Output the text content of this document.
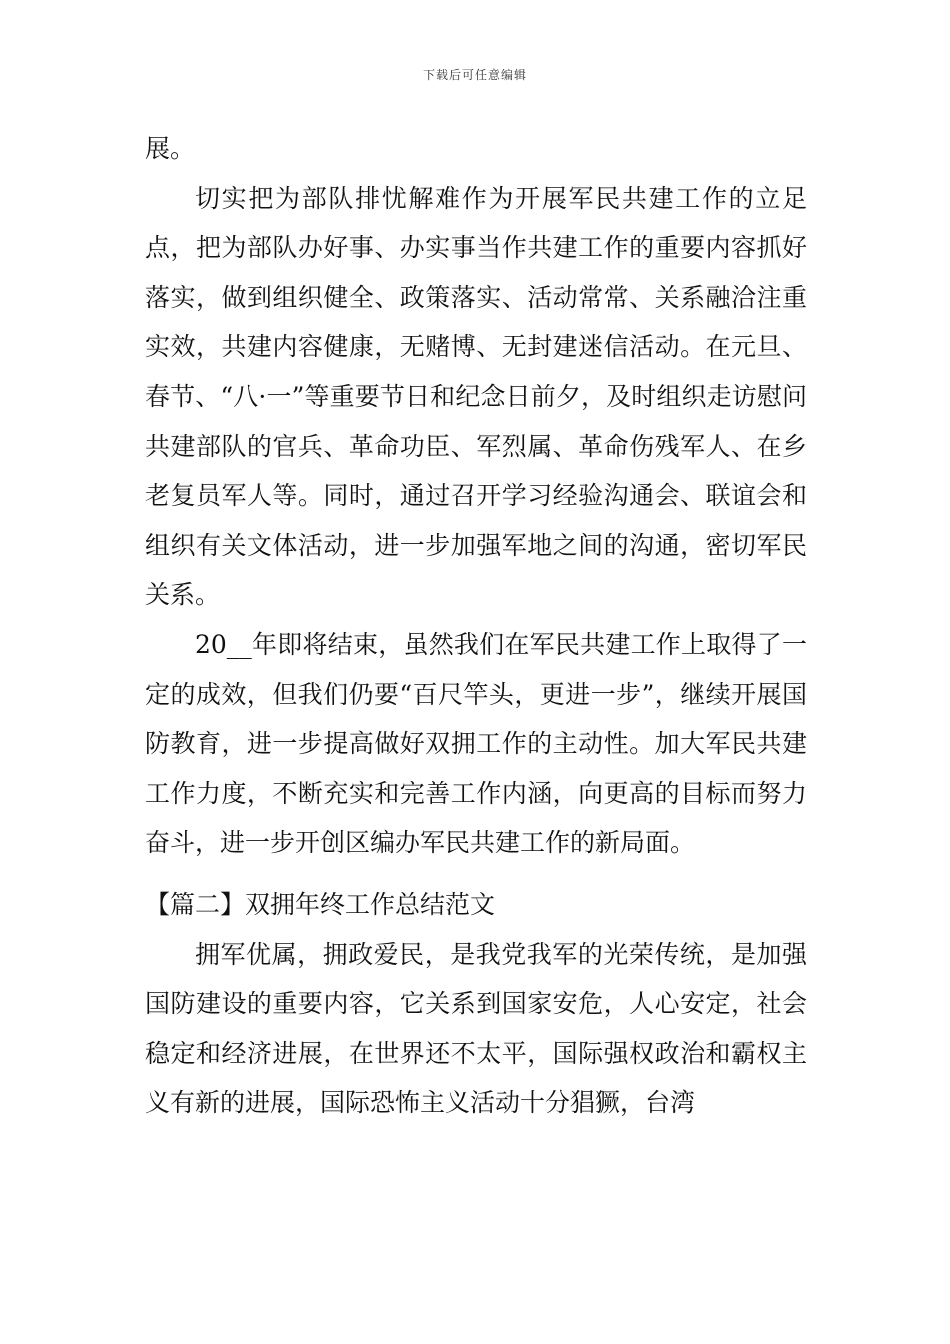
下载后可任意编辑

展。

切实把为部队排忧解难作为开展军民共建工作的立足点，把为部队办好事、办实事当作共建工作的重要内容抓好落实，做到组织健全、政策落实、活动常常、关系融洽注重实效，共建内容健康，无赌博、无封建迷信活动。在元旦、春节、“八·一”等重要节日和纪念日前夕，及时组织走访慰问共建部队的官兵、革命功臣、军烈属、革命伤残军人、在乡老复员军人等。同时，通过召开学习经验沟通会、联谊会和组织有关文体活动，进一步加强军地之间的沟通，密切军民关系。

20__年即将结束，虽然我们在军民共建工作上取得了一定的成效，但我们仍要“百尺竿头，更进一步”，继续开展国防教育，进一步提高做好双拥工作的主动性。加大军民共建工作力度，不断充实和完善工作内涵，向更高的目标而努力奋斗，进一步开创区编办军民共建工作的新局面。

【篇二】双拥年终工作总结范文

拥军优属，拥政爱民，是我党我军的光荣传统，是加强国防建设的重要内容，它关系到国家安危，人心安定，社会稳定和经济进展，在世界还不太平，国际强权政治和霸权主义有新的进展，国际恐怖主义活动十分猖獗，台湾
